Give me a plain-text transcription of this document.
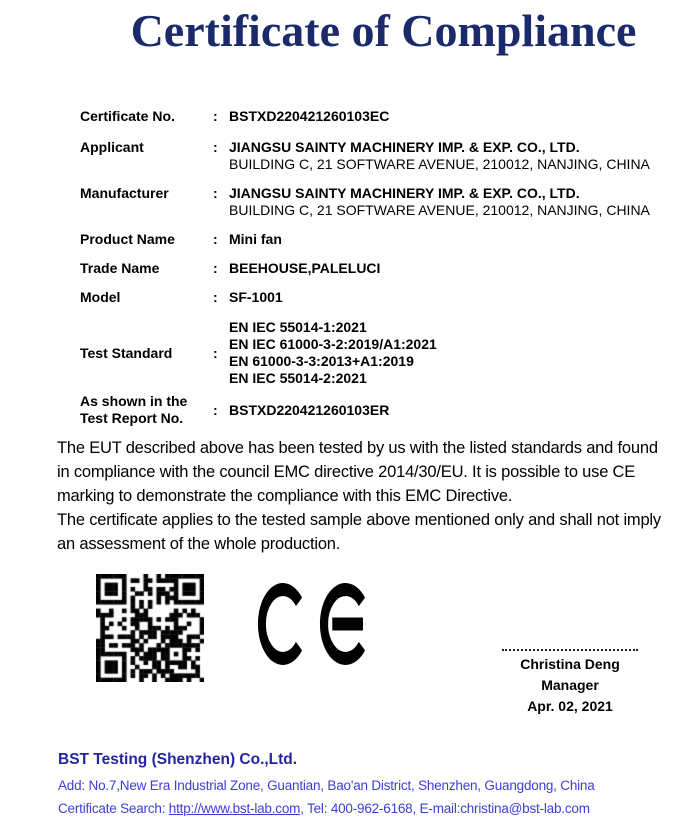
Certificate of Compliance
Certificate No.	: BSTXD220421260103EC
Applicant	: JIANGSU SAINTY MACHINERY IMP. & EXP. CO., LTD.
BUILDING C, 21 SOFTWARE AVENUE, 210012, NANJING, CHINA
Manufacturer	: JIANGSU SAINTY MACHINERY IMP. & EXP. CO., LTD.
BUILDING C, 21 SOFTWARE AVENUE, 210012, NANJING, CHINA
Product Name	: Mini fan
Trade Name	: BEEHOUSE,PALELUCI
Model	: SF-1001
Test Standard	:
EN IEC 55014-1:2021
EN IEC 61000-3-2:2019/A1:2021
EN 61000-3-3:2013+A1:2019
EN IEC 55014-2:2021
As shown in the
Test Report No.
: BSTXD220421260103ER

The EUT described above has been tested by us with the listed standards and found in compliance with the council EMC directive 2014/30/EU. It is possible to use CE marking to demonstrate the compliance with this EMC Directive.

The certificate applies to the tested sample above mentioned only and shall not imply an assessment of the whole production.

Christina Deng
Manager
Apr. 02, 2021
BST Testing (Shenzhen) Co.,Ltd.
Add: No.7,New Era Industrial Zone, Guantian, Bao'an District, Shenzhen, Guangdong, China
Certificate Search: http://www.bst-lab.com, Tel: 400-962-6168, E-mail:christina@bst-lab.com
